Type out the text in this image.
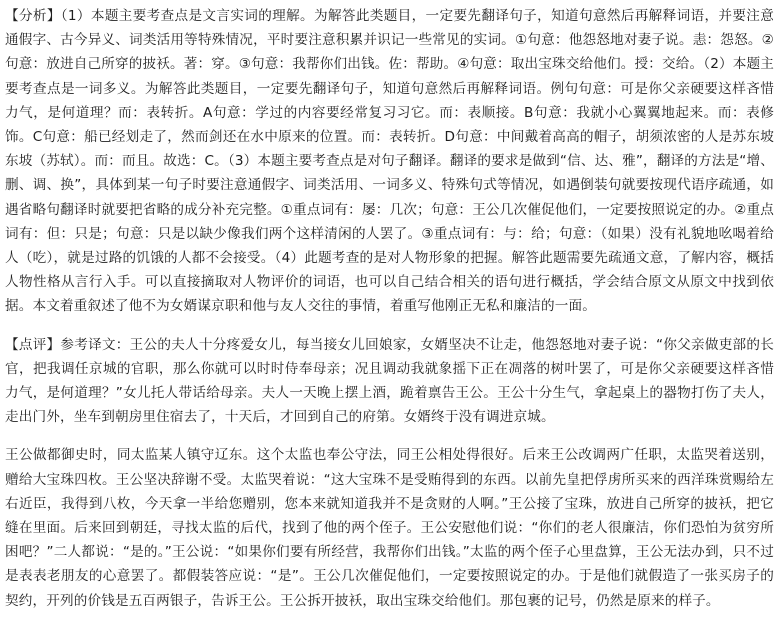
【分析】（1）本题主要考查点是文言实词的理解。为解答此类题目，一定要先翻译句子，知道句意然后再解释词语，并要注意通假字、古今异义、词类活用等特殊情况，平时要注意积累并识记一些常见的实词。①句意：他怨怒地对妻子说。恚：怨怒。②句意：放进自己所穿的披袄。著：穿。③句意：我帮你们出钱。佐：帮助。④句意：取出宝珠交给他们。授：交给。（2）本题主要考查点是一词多义。为解答此类题目，一定要先翻译句子，知道句意然后再解释词语。例句句意：可是你父亲硬要这样吝惜力气，是何道理？而：表转折。A句意：学过的内容要经常复习习它。而：表顺接。B句意：我就小心翼翼地起来。而：表修饰。C句意：船已经划走了，然而剑还在水中原来的位置。而：表转折。D句意：中间戴着高高的帽子，胡须浓密的人是苏东坡东坡（苏轼）。而：而且。故选：C。（3）本题主要考查点是对句子翻译。翻译的要求是做到“信、达、雅”，翻译的方法是“增、删、调、换”，具体到某一句子时要注意通假字、词类活用、一词多义、特殊句式等情况，如遇倒装句就要按现代语序疏通，如遇省略句翻译时就要把省略的成分补充完整。①重点词有：屡：几次；句意：王公几次催促他们，一定要按照说定的办。②重点词有：但：只是；句意：只是以缺少像我们两个这样清闲的人罢了。③重点词有：与：给；句意：（如果）没有礼貌地吆喝着给人（吃），就是过路的饥饿的人都不会接受。（4）此题考查的是对人物形象的把握。解答此题需要先疏通文意，了解内容，概括人物性格从言行入手。可以直接摘取对人物评价的词语，也可以自己结合相关的语句进行概括，学会结合原文从原文中找到依据。本文着重叙述了他不为女婿谋京职和他与友人交往的事情，着重写他刚正无私和廉洁的一面。

【点评】参考译文：王公的夫人十分疼爱女儿，每当接女儿回娘家，女婿坚决不让走，他怨怒地对妻子说：“你父亲做吏部的长官，把我调任京城的官职，那么你就可以时时侍奉母亲；况且调动我就象摇下正在凋落的树叶罢了，可是你父亲硬要这样吝惜力气，是何道理？”女儿托人带话给母亲。夫人一天晚上摆上酒，跪着禀告王公。王公十分生气，拿起桌上的器物打伤了夫人，走出门外，坐车到朝房里住宿去了，十天后，才回到自己的府第。女婿终于没有调进京城。

王公做都御史时，同太监某人镇守辽东。这个太监也奉公守法，同王公相处得很好。后来王公改调两广任职，太监哭着送别，赠给大宝珠四枚。王公坚决辞谢不受。太监哭着说：“这大宝珠不是受贿得到的东西。以前先皇把俘虏所买来的西洋珠赏赐给左右近臣，我得到八枚，今天拿一半给您赠别，您本来就知道我并不是贪财的人啊。”王公接了宝珠，放进自己所穿的披袄，把它缝在里面。后来回到朝廷，寻找太监的后代，找到了他的两个侄子。王公安慰他们说：“你们的老人很廉洁，你们恐怕为贫穷所困吧？”二人都说：“是的。”王公说：“如果你们要有所经营，我帮你们出钱。”太监的两个侄子心里盘算，王公无法办到，只不过是表表老朋友的心意罢了。都假装答应说：“是”。王公几次催促他们，一定要按照说定的办。于是他们就假造了一张买房子的契约，开列的价钱是五百两银子，告诉王公。王公拆开披袄，取出宝珠交给他们。那包裹的记号，仍然是原来的样子。
